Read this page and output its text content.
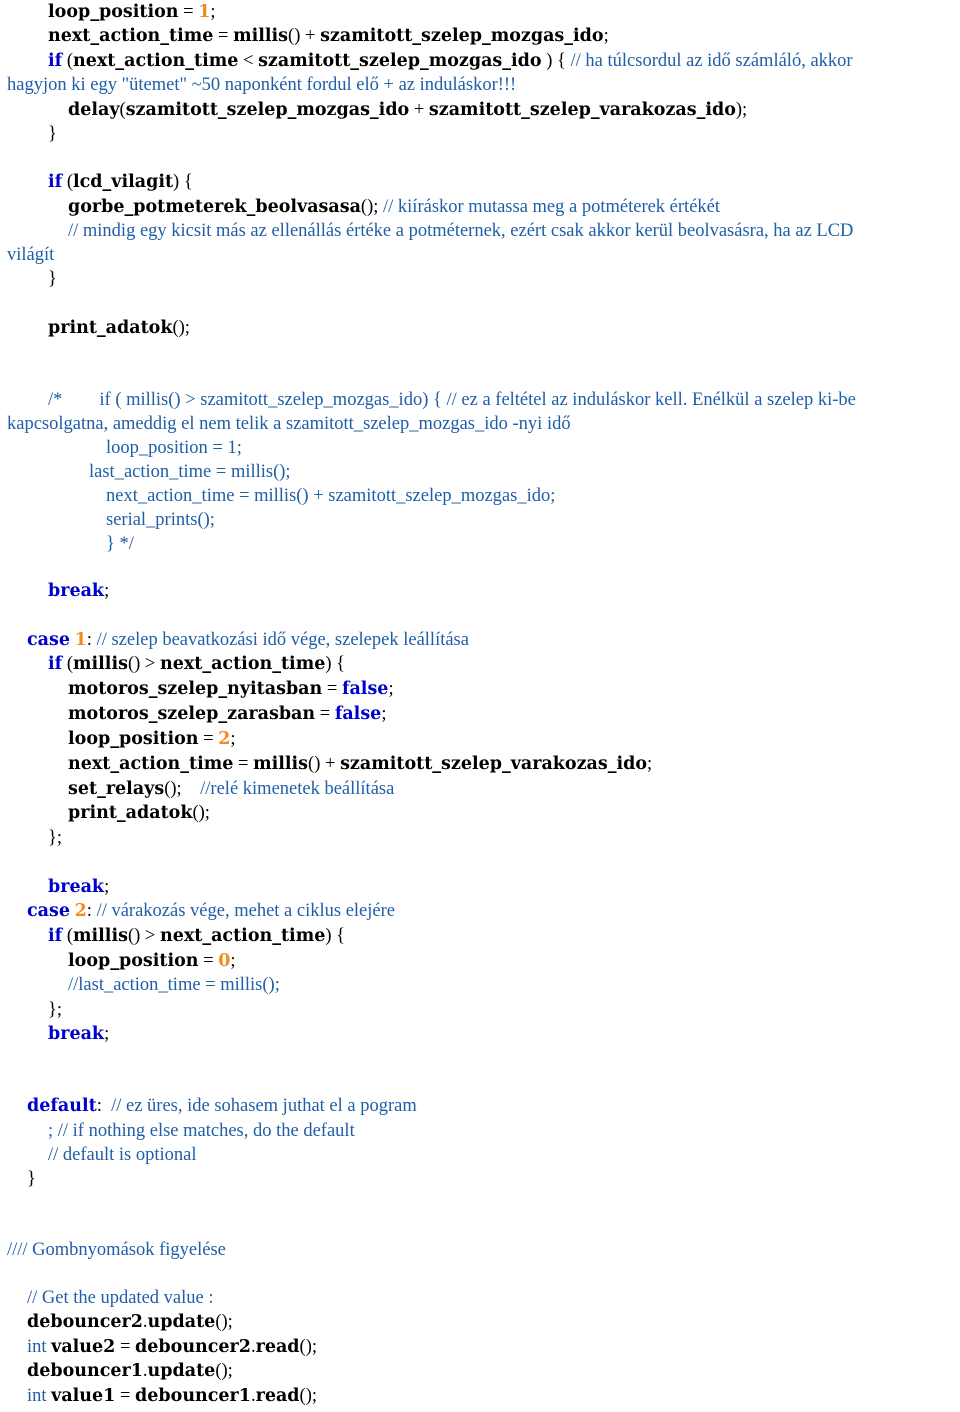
loop_position = 1;
next_action_time = millis() + szamitott_szelep_mozgas_ido;
if (next_action_time < szamitott_szelep_mozgas_ido ) { // ha túlcsordul az idő számláló, akkor
hagyjon ki egy "ütemet" ~50 naponként fordul elő + az induláskor!!!
delay(szamitott_szelep_mozgas_ido + szamitott_szelep_varakozas_ido);
}
if (lcd_vilagit) {
gorbe_potmeterek_beolvasasa(); // kiíráskor mutassa meg a potméterek értékét
// mindig egy kicsit más az ellenállás értéke a potméternek, ezért csak akkor kerül beolvasásra, ha az LCD
világít
}
print_adatok();
/*        if ( millis() > szamitott_szelep_mozgas_ido) { // ez a feltétel az induláskor kell. Enélkül a szelep ki-be
kapcsolgatna, ameddig el nem telik a szamitott_szelep_mozgas_ido -nyi idő
loop_position = 1;
last_action_time = millis();
next_action_time = millis() + szamitott_szelep_mozgas_ido;
serial_prints();
} */
break;
case 1: // szelep beavatkozási idő vége, szelepek leállítása
if (millis() > next_action_time) {
motoros_szelep_nyitasban = false;
motoros_szelep_zarasban = false;
loop_position = 2;
next_action_time = millis() + szamitott_szelep_varakozas_ido;
set_relays();    //relé kimenetek beállítása
print_adatok();
};
break;
case 2: // várakozás vége, mehet a ciklus elejére
if (millis() > next_action_time) {
loop_position = 0;
//last_action_time = millis();
};
break;
default:  // ez üres, ide sohasem juthat el a pogram
; // if nothing else matches, do the default
// default is optional
}
//// Gombnyomások figyelése
// Get the updated value :
debouncer2.update();
int value2 = debouncer2.read();
debouncer1.update();
int value1 = debouncer1.read();
